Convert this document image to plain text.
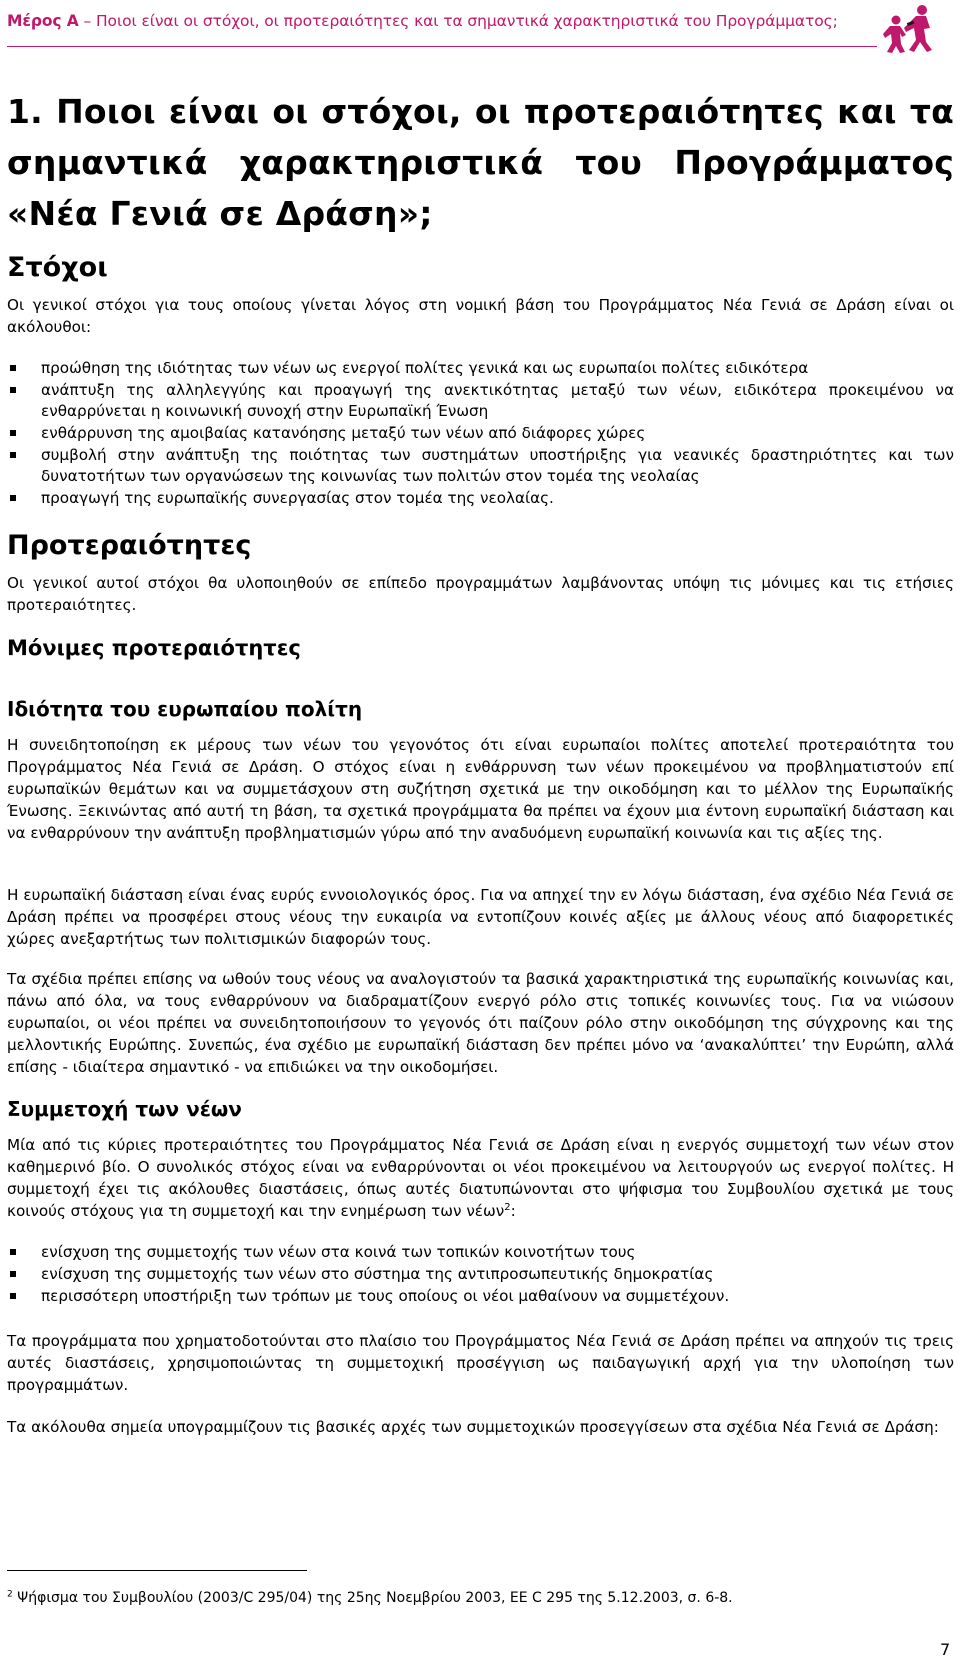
Μέρος Α – Ποιοι είναι οι στόχοι, οι προτεραιότητες και τα σημαντικά χαρακτηριστικά του Προγράμματος;
1. Ποιοι είναι οι στόχοι, οι προτεραιότητες και τα σημαντικά χαρακτηριστικά του Προγράμματος «Νέα Γενιά σε Δράση»;
Στόχοι
Οι γενικοί στόχοι για τους οποίους γίνεται λόγος στη νομική βάση του Προγράμματος Νέα Γενιά σε Δράση είναι οι ακόλουθοι:
προώθηση της ιδιότητας των νέων ως ενεργοί πολίτες γενικά και ως ευρωπαίοι πολίτες ειδικότερα
ανάπτυξη της αλληλεγγύης και προαγωγή της ανεκτικότητας μεταξύ των νέων, ειδικότερα προκειμένου να ενθαρρύνεται η κοινωνική συνοχή στην Ευρωπαϊκή Ένωση
ενθάρρυνση της αμοιβαίας κατανόησης μεταξύ των νέων από διάφορες χώρες
συμβολή στην ανάπτυξη της ποιότητας των συστημάτων υποστήριξης για νεανικές δραστηριότητες και των δυνατοτήτων των οργανώσεων της κοινωνίας των πολιτών στον τομέα της νεολαίας
προαγωγή της ευρωπαϊκής συνεργασίας στον τομέα της νεολαίας.
Προτεραιότητες
Οι γενικοί αυτοί στόχοι θα υλοποιηθούν σε επίπεδο προγραμμάτων λαμβάνοντας υπόψη τις μόνιμες και τις ετήσιες προτεραιότητες.
Μόνιμες προτεραιότητες
Ιδιότητα του ευρωπαίου πολίτη
Η συνειδητοποίηση εκ μέρους των νέων του γεγονότος ότι είναι ευρωπαίοι πολίτες αποτελεί προτεραιότητα του Προγράμματος Νέα Γενιά σε Δράση. Ο στόχος είναι η ενθάρρυνση των νέων προκειμένου να προβληματιστούν επί ευρωπαϊκών θεμάτων και να συμμετάσχουν στη συζήτηση σχετικά με την οικοδόμηση και το μέλλον της Ευρωπαϊκής Ένωσης. Ξεκινώντας από αυτή τη βάση, τα σχετικά προγράμματα θα πρέπει να έχουν μια έντονη ευρωπαϊκή διάσταση και να ενθαρρύνουν την ανάπτυξη προβληματισμών γύρω από την αναδυόμενη ευρωπαϊκή κοινωνία και τις αξίες της.
Η ευρωπαϊκή διάσταση είναι ένας ευρύς εννοιολογικός όρος. Για να απηχεί την εν λόγω διάσταση, ένα σχέδιο Νέα Γενιά σε Δράση πρέπει να προσφέρει στους νέους την ευκαιρία να εντοπίζουν κοινές αξίες με άλλους νέους από διαφορετικές χώρες ανεξαρτήτως των πολιτισμικών διαφορών τους.
Τα σχέδια πρέπει επίσης να ωθούν τους νέους να αναλογιστούν τα βασικά χαρακτηριστικά της ευρωπαϊκής κοινωνίας και, πάνω από όλα, να τους ενθαρρύνουν να διαδραματίζουν ενεργό ρόλο στις τοπικές κοινωνίες τους. Για να νιώσουν ευρωπαίοι, οι νέοι πρέπει να συνειδητοποιήσουν το γεγονός ότι παίζουν ρόλο στην οικοδόμηση της σύγχρονης και της μελλοντικής Ευρώπης. Συνεπώς, ένα σχέδιο με ευρωπαϊκή διάσταση δεν πρέπει μόνο να ‘ανακαλύπτει’ την Ευρώπη, αλλά επίσης - ιδιαίτερα σημαντικό - να επιδιώκει να την οικοδομήσει.
Συμμετοχή των νέων
Μία από τις κύριες προτεραιότητες του Προγράμματος Νέα Γενιά σε Δράση είναι η ενεργός συμμετοχή των νέων στον καθημερινό βίο. Ο συνολικός στόχος είναι να ενθαρρύνονται οι νέοι προκειμένου να λειτουργούν ως ενεργοί πολίτες. Η συμμετοχή έχει τις ακόλουθες διαστάσεις, όπως αυτές διατυπώνονται στο ψήφισμα του Συμβουλίου σχετικά με τους κοινούς στόχους για τη συμμετοχή και την ενημέρωση των νέων$^2$:
ενίσχυση της συμμετοχής των νέων στα κοινά των τοπικών κοινοτήτων τους
ενίσχυση της συμμετοχής των νέων στο σύστημα της αντιπροσωπευτικής δημοκρατίας
περισσότερη υποστήριξη των τρόπων με τους οποίους οι νέοι μαθαίνουν να συμμετέχουν.
Τα προγράμματα που χρηματοδοτούνται στο πλαίσιο του Προγράμματος Νέα Γενιά σε Δράση πρέπει να απηχούν τις τρεις αυτές διαστάσεις, χρησιμοποιώντας τη συμμετοχική προσέγγιση ως παιδαγωγική αρχή για την υλοποίηση των προγραμμάτων.
Τα ακόλουθα σημεία υπογραμμίζουν τις βασικές αρχές των συμμετοχικών προσεγγίσεων στα σχέδια Νέα Γενιά σε Δράση:
$^2$ Ψήφισμα του Συμβουλίου (2003/C 295/04) της 25ης Νοεμβρίου 2003, ΕΕ C 295 της 5.12.2003, σ. 6-8.
7
